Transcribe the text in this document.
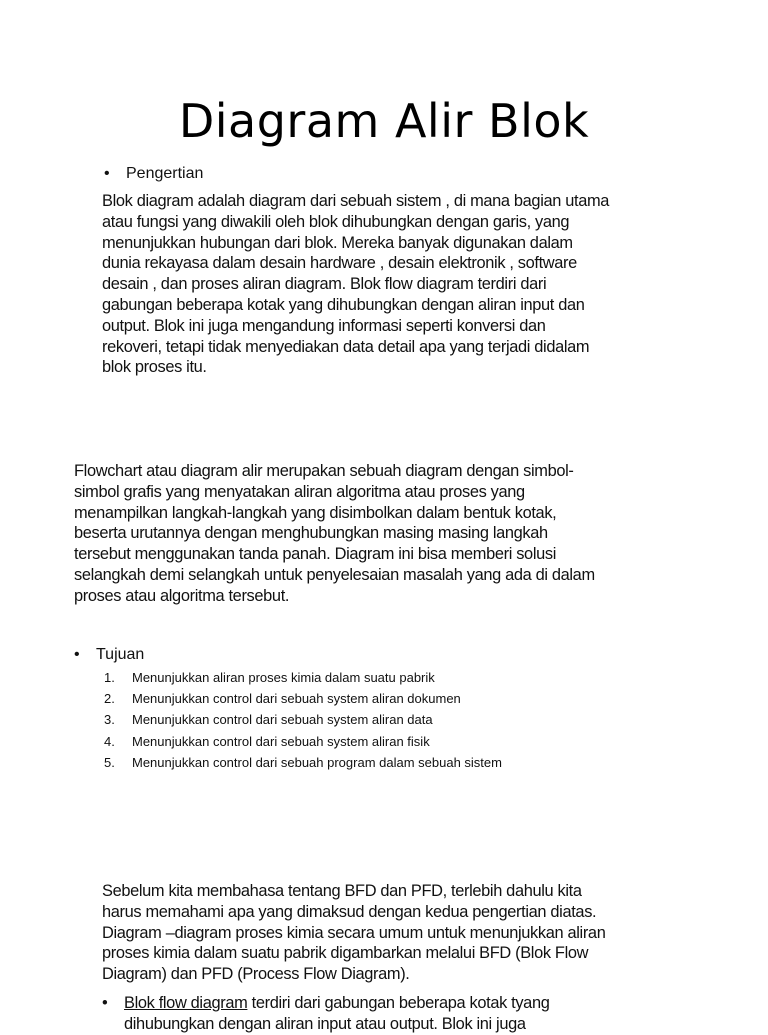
Diagram Alir Blok
•	Pengertian
Blok diagram adalah diagram dari sebuah sistem , di mana bagian utama
atau fungsi yang diwakili oleh blok dihubungkan dengan garis, yang
menunjukkan hubungan dari blok. Mereka banyak digunakan dalam
dunia rekayasa dalam desain hardware , desain elektronik , software
desain , dan proses aliran diagram. Blok flow diagram terdiri dari
gabungan beberapa kotak yang dihubungkan dengan aliran input dan
output. Blok ini juga mengandung informasi seperti konversi dan
rekoveri, tetapi tidak menyediakan data detail apa yang terjadi didalam
blok proses itu.
Flowchart atau diagram alir merupakan sebuah diagram dengan simbol-
simbol grafis yang menyatakan aliran algoritma atau proses yang
menampilkan langkah-langkah yang disimbolkan dalam bentuk kotak,
beserta urutannya dengan menghubungkan masing masing langkah
tersebut menggunakan tanda panah. Diagram ini bisa memberi solusi
selangkah demi selangkah untuk penyelesaian masalah yang ada di dalam
proses atau algoritma tersebut.
•	Tujuan
1.	Menunjukkan aliran proses kimia dalam suatu pabrik
2.	Menunjukkan control dari sebuah system aliran dokumen
3.	Menunjukkan control dari sebuah system aliran data
4.	Menunjukkan control dari sebuah system aliran fisik
5.	Menunjukkan control dari sebuah program dalam sebuah sistem
Sebelum kita membahasa tentang BFD dan PFD, terlebih dahulu kita
harus memahami apa yang dimaksud dengan kedua pengertian diatas.
Diagram –diagram proses kimia secara umum untuk menunjukkan aliran
proses kimia dalam suatu pabrik digambarkan melalui BFD (Blok Flow
Diagram) dan PFD (Process Flow Diagram).
• Blok flow diagram terdiri dari gabungan beberapa kotak tyang
dihubungkan dengan aliran input atau output. Blok ini juga
